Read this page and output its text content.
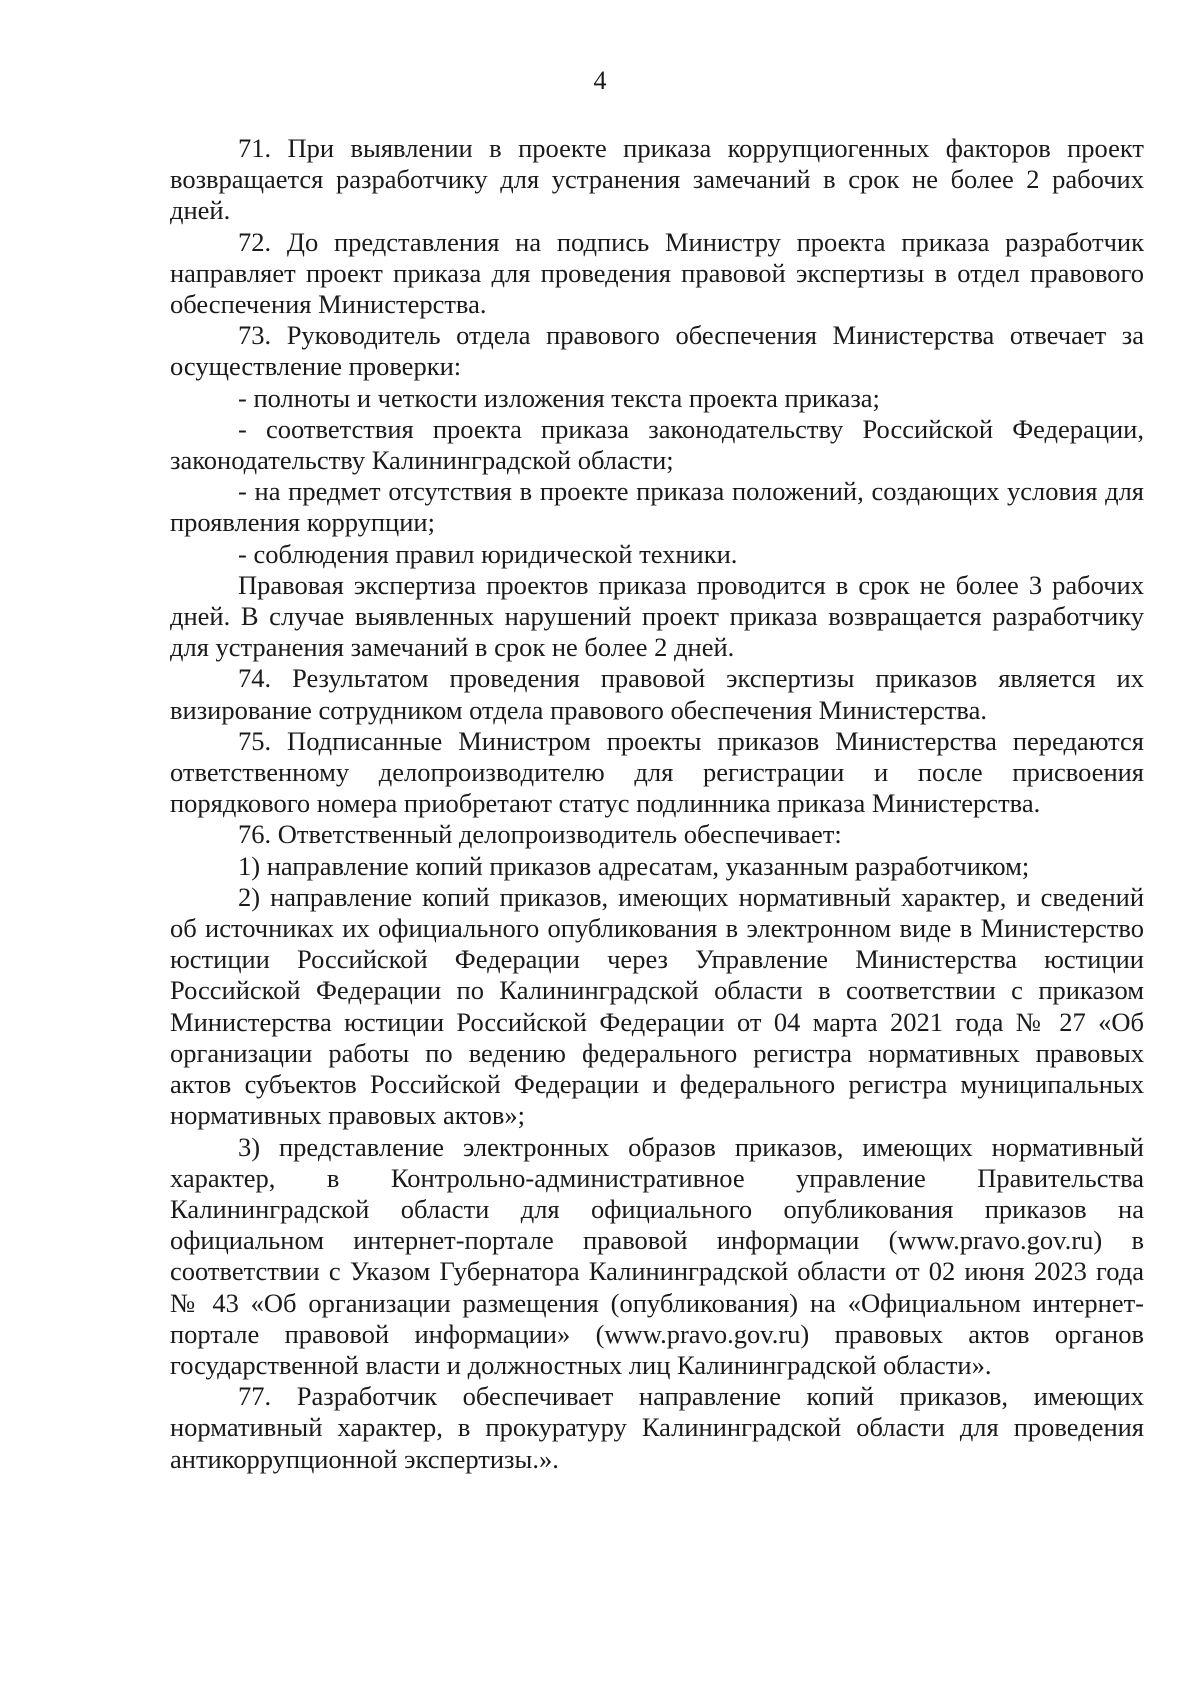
4

71. При выявлении в проекте приказа коррупциогенных факторов проект возвращается разработчику для устранения замечаний в срок не более 2 рабочих дней.

72. До представления на подпись Министру проекта приказа разработчик направляет проект приказа для проведения правовой экспертизы в отдел правового обеспечения Министерства.

73. Руководитель отдела правового обеспечения Министерства отвечает за осуществление проверки:

- полноты и четкости изложения текста проекта приказа;

- соответствия проекта приказа законодательству Российской Федерации, законодательству Калининградской области;

- на предмет отсутствия в проекте приказа положений, создающих условия для проявления коррупции;

- соблюдения правил юридической техники.

Правовая экспертиза проектов приказа проводится в срок не более 3 рабочих дней. В случае выявленных нарушений проект приказа возвращается разработчику для устранения замечаний в срок не более 2 дней.

74. Результатом проведения правовой экспертизы приказов является их визирование сотрудником отдела правового обеспечения Министерства.

75. Подписанные Министром проекты приказов Министерства передаются ответственному делопроизводителю для регистрации и после присвоения порядкового номера приобретают статус подлинника приказа Министерства.

76. Ответственный делопроизводитель обеспечивает:

1) направление копий приказов адресатам, указанным разработчиком;

2) направление копий приказов, имеющих нормативный характер, и сведений об источниках их официального опубликования в электронном виде в Министерство юстиции Российской Федерации через Управление Министерства юстиции Российской Федерации по Калининградской области в соответствии с приказом Министерства юстиции Российской Федерации от 04 марта 2021 года № 27 «Об организации работы по ведению федерального регистра нормативных правовых актов субъектов Российской Федерации и федерального регистра муниципальных нормативных правовых актов»;

3) представление электронных образов приказов, имеющих нормативный характер, в Контрольно-административное управление Правительства Калининградской области для официального опубликования приказов на официальном интернет-портале правовой информации (www.pravo.gov.ru) в соответствии с Указом Губернатора Калининградской области от 02 июня 2023 года № 43 «Об организации размещения (опубликования) на «Официальном интернет-портале правовой информации» (www.pravo.gov.ru) правовых актов органов государственной власти и должностных лиц Калининградской области».

77. Разработчик обеспечивает направление копий приказов, имеющих нормативный характер, в прокуратуру Калининградской области для проведения антикоррупционной экспертизы.».
